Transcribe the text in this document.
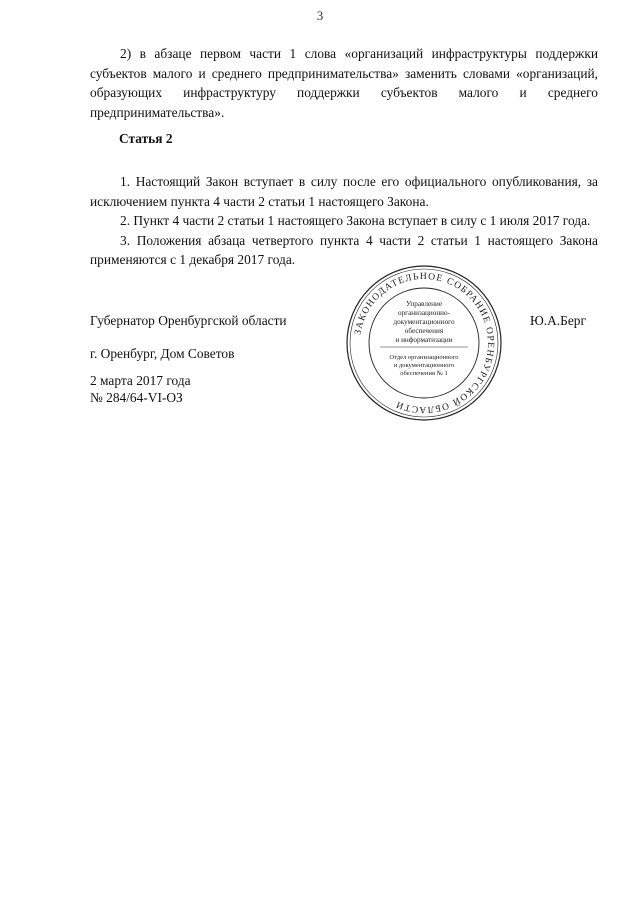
3

2) в абзаце первом части 1 слова «организаций инфраструктуры поддержки субъектов малого и среднего предпринимательства» заменить словами «организаций, образующих инфраструктуру поддержки субъектов малого и среднего предпринимательства».

Статья 2

1. Настоящий Закон вступает в силу после его официального опубликования, за исключением пункта 4 части 2 статьи 1 настоящего Закона.

2. Пункт 4 части 2 статьи 1 настоящего Закона вступает в силу с 1 июля 2017 года.

3. Положения абзаца четвертого пункта 4 части 2 статьи 1 настоящего Закона применяются с 1 декабря 2017 года.

Губернатор Оренбургской области	Ю.А.Берг
г. Оренбург, Дом Советов
2 марта 2017 года
№ 284/64-VI-ОЗ
ЗАКОНОДАТЕЛЬНОЕ СОБРАНИЕ ОРЕНБУРГСКОЙ ОБЛАСТИ
Управление
организационно-
документационного
обеспечения
и информатизации
Отдел организационного
и документационного
обеспечения № 1
